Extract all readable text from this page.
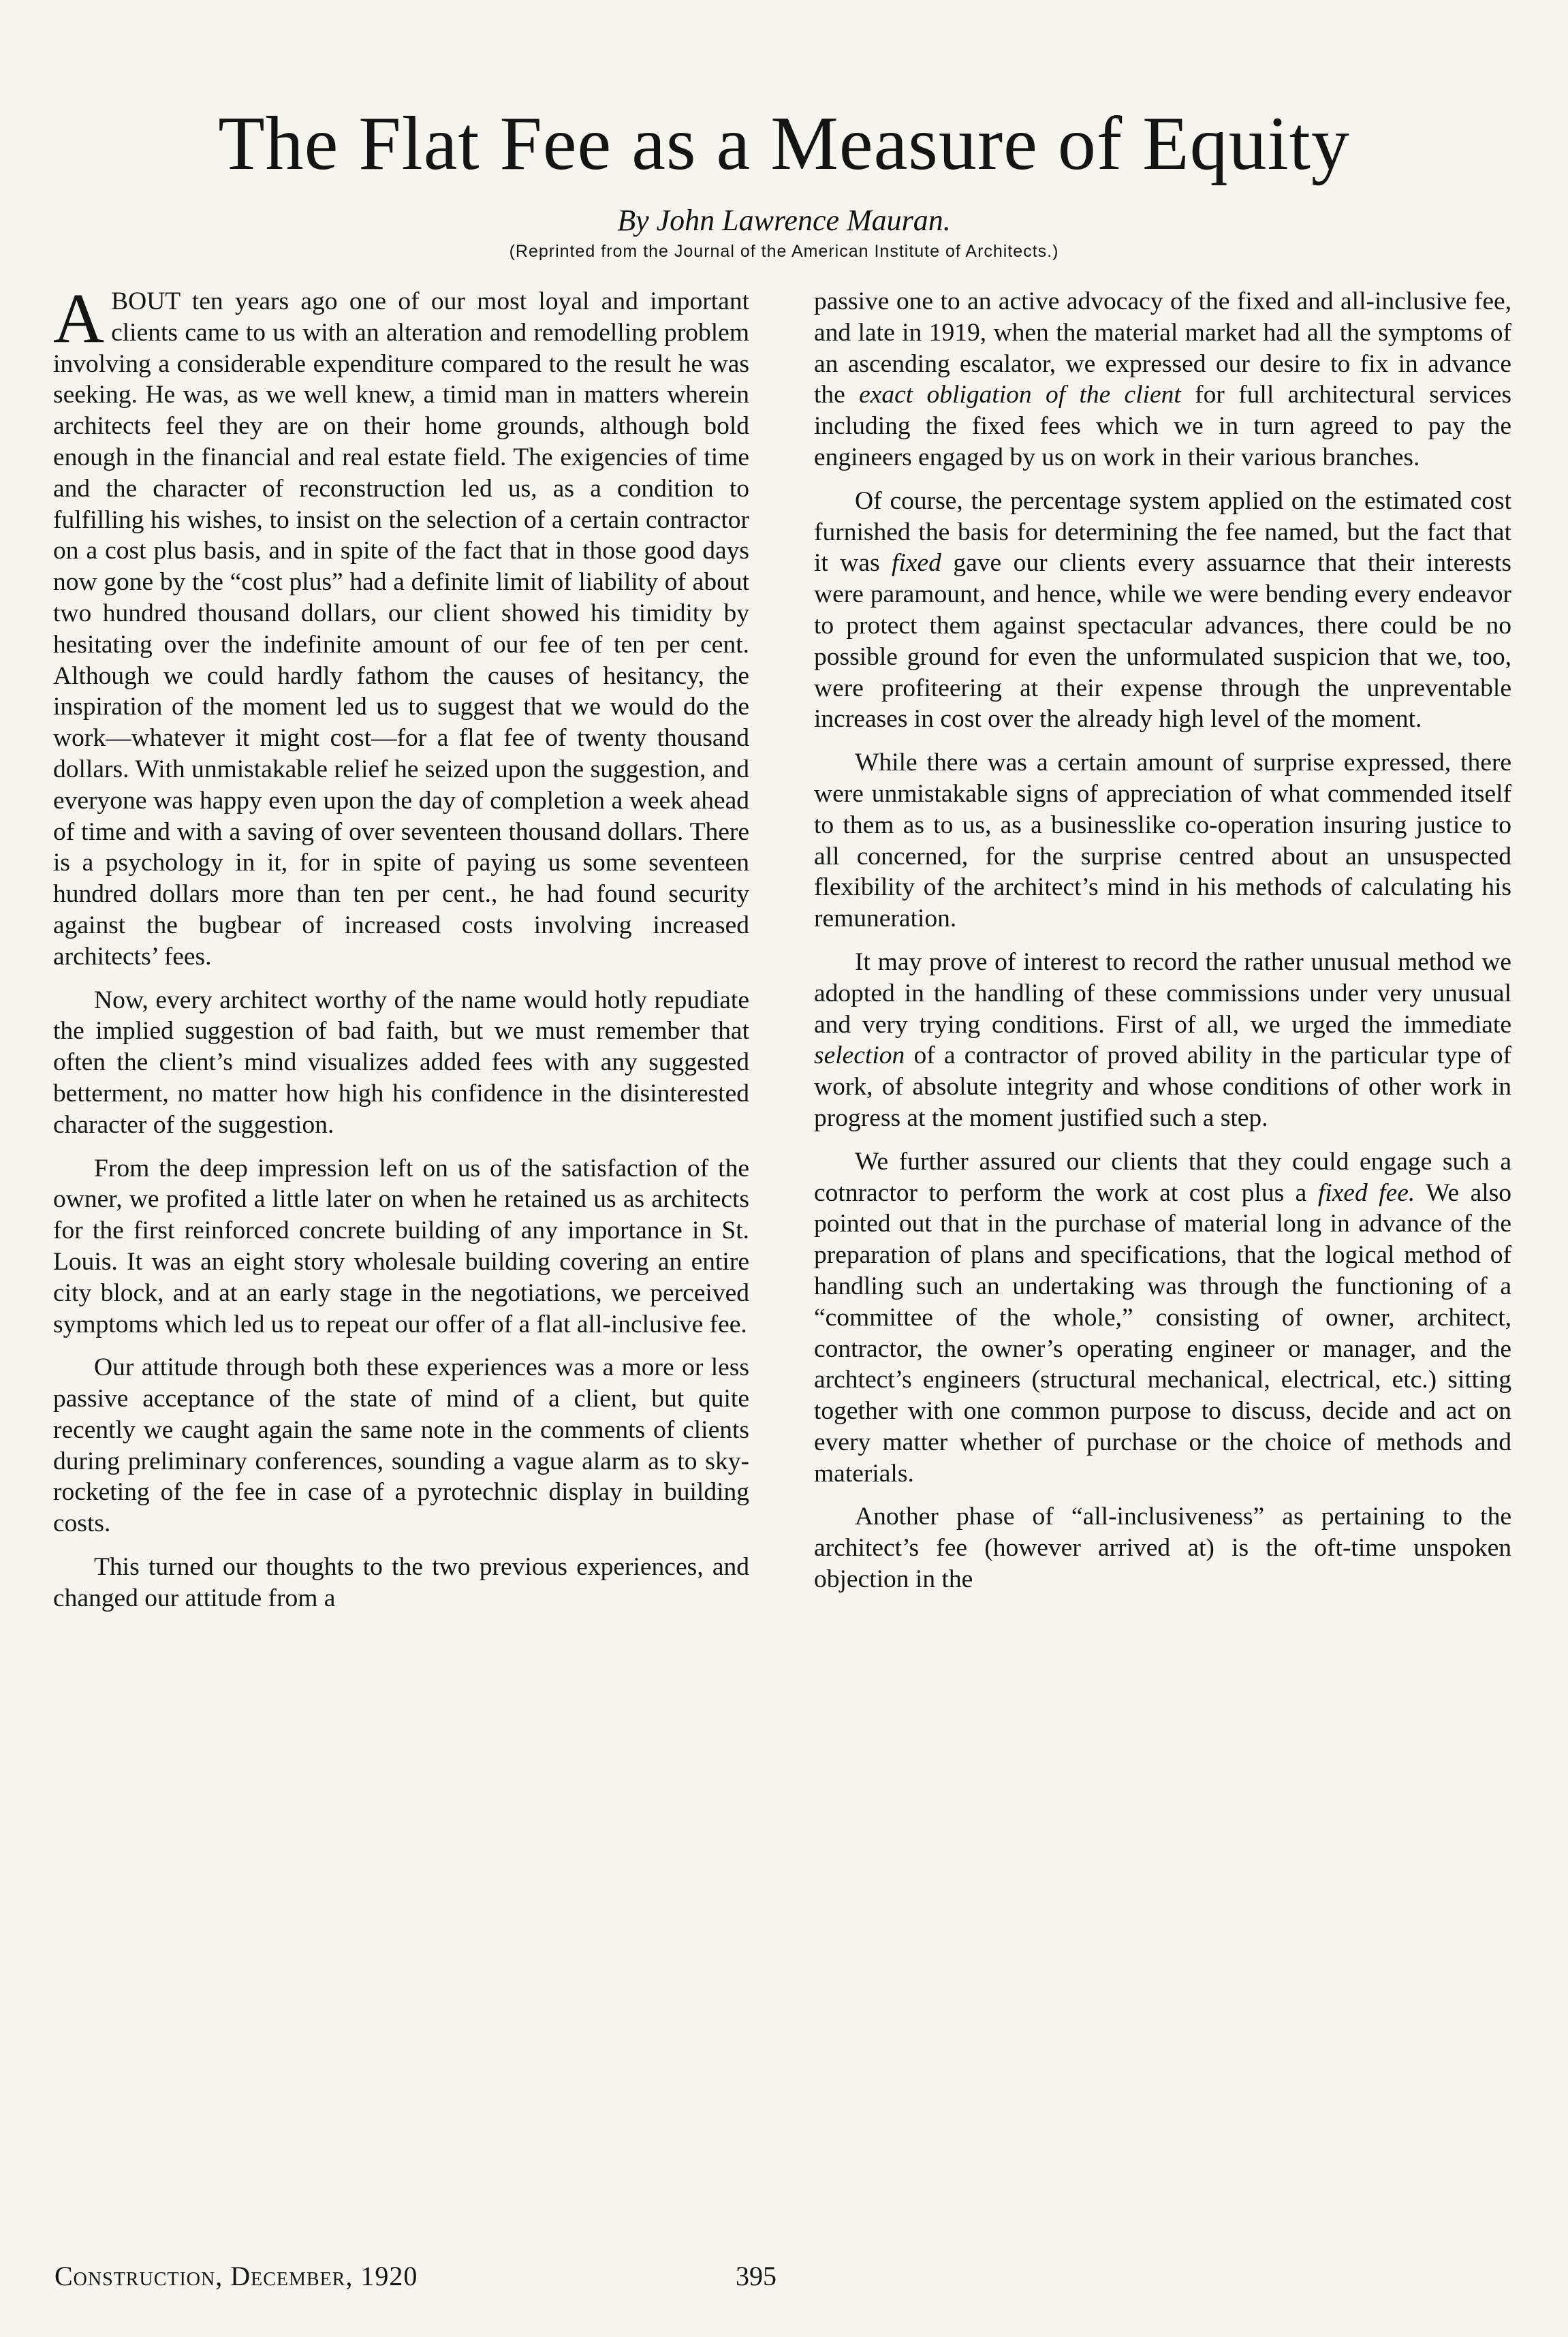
The Flat Fee as a Measure of Equity

By John Lawrence Mauran.

(Reprinted from the Journal of the American Institute of Architects.)

ABOUT ten years ago one of our most loyal and important clients came to us with an alteration and remodelling problem involving a considerable expenditure compared to the result he was seeking. He was, as we well knew, a timid man in matters wherein architects feel they are on their home grounds, although bold enough in the financial and real estate field. The exigencies of time and the character of reconstruction led us, as a condition to fulfilling his wishes, to insist on the selection of a certain contractor on a cost plus basis, and in spite of the fact that in those good days now gone by the “cost plus” had a definite limit of liability of about two hundred thousand dollars, our client showed his timidity by hesitating over the indefinite amount of our fee of ten per cent. Although we could hardly fathom the causes of hesitancy, the inspiration of the moment led us to suggest that we would do the work—whatever it might cost—for a flat fee of twenty thousand dollars. With unmistakable relief he seized upon the suggestion, and everyone was happy even upon the day of completion a week ahead of time and with a saving of over seventeen thousand dollars. There is a psychology in it, for in spite of paying us some seventeen hundred dollars more than ten per cent., he had found security against the bugbear of increased costs involving increased architects’ fees.

Now, every architect worthy of the name would hotly repudiate the implied suggestion of bad faith, but we must remember that often the client’s mind visualizes added fees with any suggested betterment, no matter how high his confidence in the disinterested character of the suggestion.

From the deep impression left on us of the satisfaction of the owner, we profited a little later on when he retained us as architects for the first reinforced concrete building of any importance in St. Louis. It was an eight story wholesale building covering an entire city block, and at an early stage in the negotiations, we perceived symptoms which led us to repeat our offer of a flat all-inclusive fee.

Our attitude through both these experiences was a more or less passive acceptance of the state of mind of a client, but quite recently we caught again the same note in the comments of clients during preliminary conferences, sounding a vague alarm as to sky-rocketing of the fee in case of a pyrotechnic display in building costs.

This turned our thoughts to the two previous experiences, and changed our attitude from a

passive one to an active advocacy of the fixed and all-inclusive fee, and late in 1919, when the material market had all the symptoms of an ascending escalator, we expressed our desire to fix in advance the exact obligation of the client for full architectural services including the fixed fees which we in turn agreed to pay the engineers engaged by us on work in their various branches.

Of course, the percentage system applied on the estimated cost furnished the basis for determining the fee named, but the fact that it was fixed gave our clients every assuarnce that their interests were paramount, and hence, while we were bending every endeavor to protect them against spectacular advances, there could be no possible ground for even the unformulated suspicion that we, too, were profiteering at their expense through the unpreventable increases in cost over the already high level of the moment.

While there was a certain amount of surprise expressed, there were unmistakable signs of appreciation of what commended itself to them as to us, as a businesslike co-operation insuring justice to all concerned, for the surprise centred about an unsuspected flexibility of the architect’s mind in his methods of calculating his remuneration.

It may prove of interest to record the rather unusual method we adopted in the handling of these commissions under very unusual and very trying conditions. First of all, we urged the immediate selection of a contractor of proved ability in the particular type of work, of absolute integrity and whose conditions of other work in progress at the moment justified such a step.

We further assured our clients that they could engage such a cotnractor to perform the work at cost plus a fixed fee. We also pointed out that in the purchase of material long in advance of the preparation of plans and specifications, that the logical method of handling such an undertaking was through the functioning of a “committee of the whole,” consisting of owner, architect, contractor, the owner’s operating engineer or manager, and the archtect’s engineers (structural mechanical, electrical, etc.) sitting together with one common purpose to discuss, decide and act on every matter whether of purchase or the choice of methods and materials.

Another phase of “all-inclusiveness” as pertaining to the architect’s fee (however arrived at) is the oft-time unspoken objection in the

Construction, December, 1920	395
